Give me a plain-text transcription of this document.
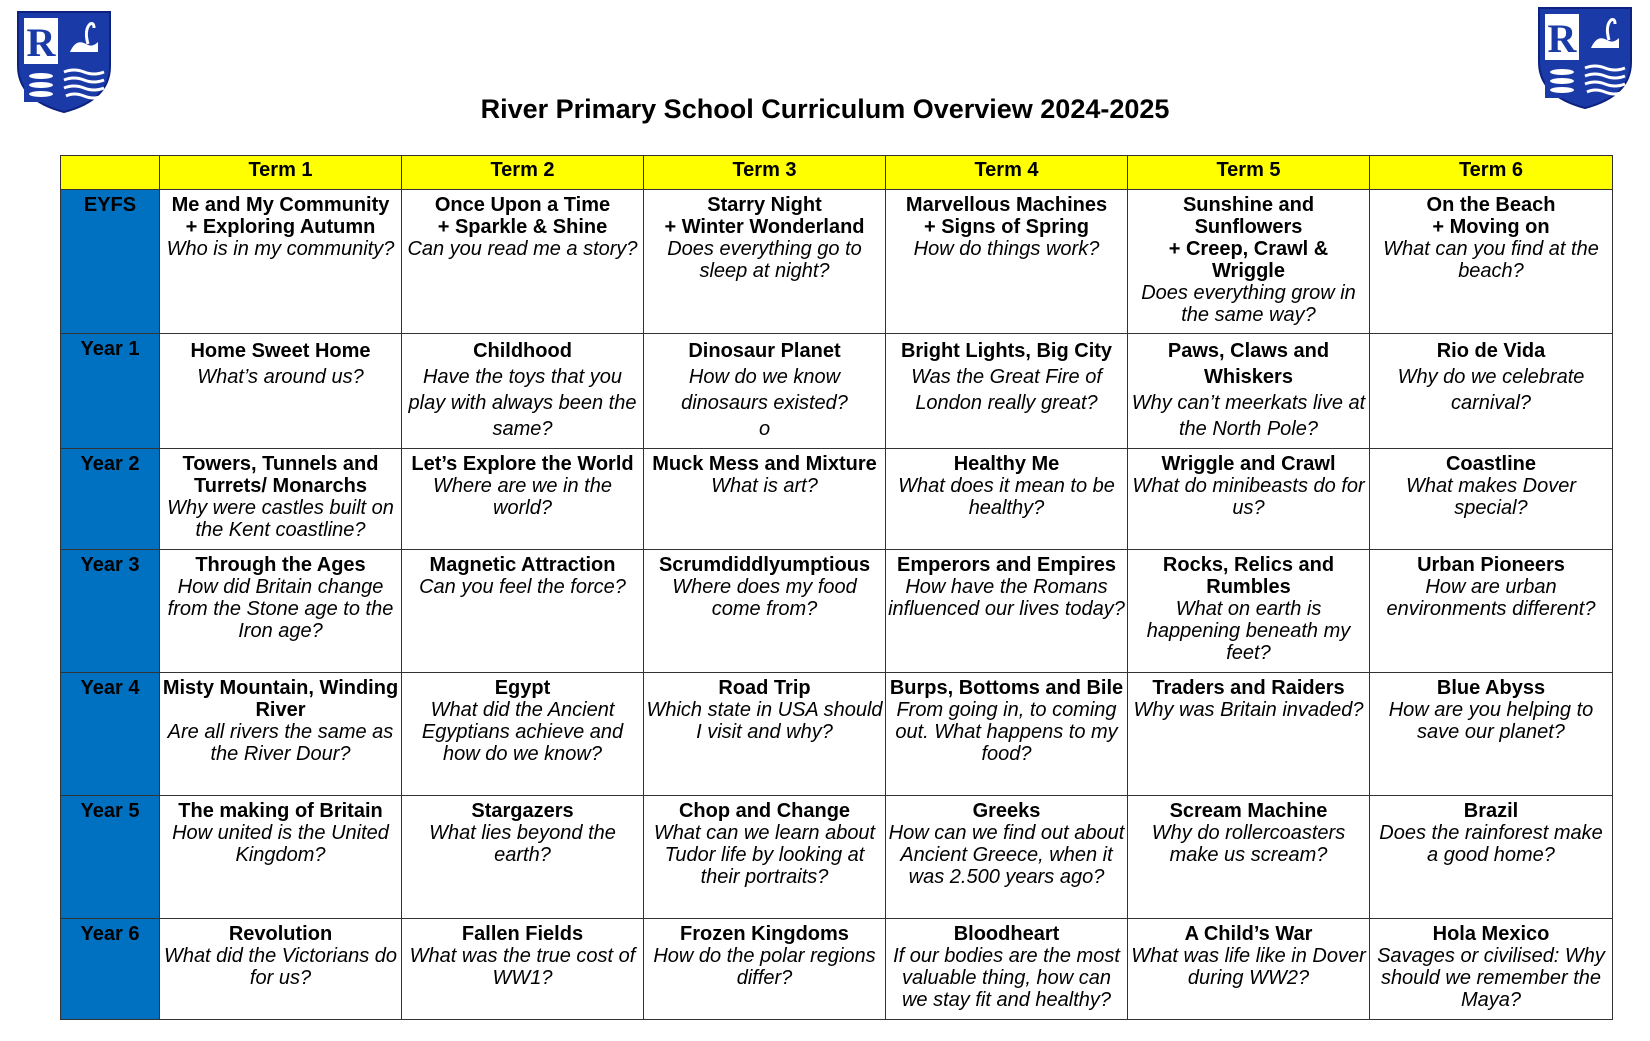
R	R
River Primary School Curriculum Overview 2024-2025
	Term 1	Term 2	Term 3	Term 4	Term 5	Term 6
EYFS	Me and My Community
+ Exploring Autumn
Who is in my community?	Once Upon a Time
+ Sparkle & Shine
Can you read me a story?	Starry Night
+ Winter Wonderland
Does everything go to sleep at night?	Marvellous Machines
+ Signs of Spring
How do things work?	Sunshine and Sunflowers
+ Creep, Crawl & Wriggle
Does everything grow in the same way?	On the Beach
+ Moving on
What can you find at the beach?

Year 1	Home Sweet Home
What’s around us?	Childhood
Have the toys that you play with always been the same?	Dinosaur Planet
How do we know dinosaurs existed?
o	Bright Lights, Big City
Was the Great Fire of London really great?	Paws, Claws and Whiskers
Why can’t meerkats live at the North Pole?	Rio de Vida
Why do we celebrate carnival?

Year 2	Towers, Tunnels and Turrets/ Monarchs
Why were castles built on the Kent coastline?	Let’s Explore the World
Where are we in the world?	Muck Mess and Mixture
What is art?	Healthy Me
What does it mean to be healthy?	Wriggle and Crawl
What do minibeasts do for us?	Coastline
What makes Dover special?

Year 3	Through the Ages
How did Britain change from the Stone age to the Iron age?	Magnetic Attraction
Can you feel the force?	Scrumdiddlyumptious
Where does my food come from?	Emperors and Empires
How have the Romans influenced our lives today?	Rocks, Relics and Rumbles
What on earth is happening beneath my feet?	Urban Pioneers
How are urban environments different?

Year 4	Misty Mountain, Winding River
Are all rivers the same as the River Dour?	Egypt
What did the Ancient Egyptians achieve and how do we know?	Road Trip
Which state in USA should I visit and why?	Burps, Bottoms and Bile
From going in, to coming out. What happens to my food?	Traders and Raiders
Why was Britain invaded?	Blue Abyss
How are you helping to save our planet?

Year 5	The making of Britain
How united is the United Kingdom?	Stargazers
What lies beyond the earth?	Chop and Change
What can we learn about Tudor life by looking at their portraits?	Greeks
How can we find out about Ancient Greece, when it was 2.500 years ago?	Scream Machine
Why do rollercoasters make us scream?	Brazil
Does the rainforest make a good home?

Year 6	Revolution
What did the Victorians do for us?	Fallen Fields
What was the true cost of WW1?	Frozen Kingdoms
How do the polar regions differ?	Bloodheart
If our bodies are the most valuable thing, how can we stay fit and healthy?	A Child’s War
What was life like in Dover during WW2?	Hola Mexico
Savages or civilised: Why should we remember the Maya?
